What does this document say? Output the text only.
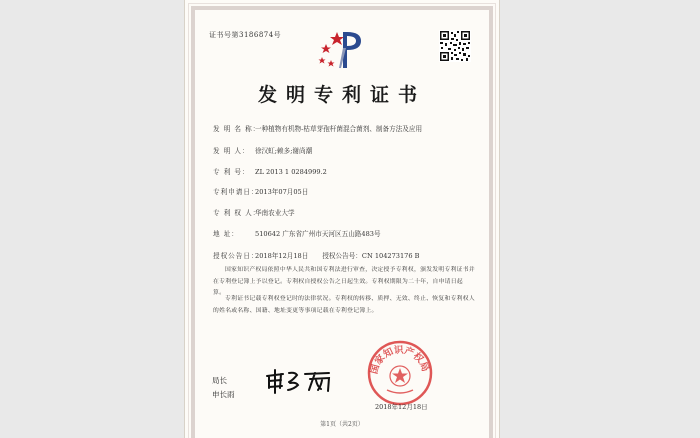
证书号第3186874号
发明专利证书
发 明 名 称：一种植物有机物-枯草芽孢杆菌混合菌剂、制备方法及应用
发 明 人： 徐汉虹;赖多;谢尚潮
专 利 号： ZL 2013 1 0284999.2
专利申请日：2013年07月05日
专 利 权 人：华南农业大学
地 址： 510642 广东省广州市天河区五山路483号
授权公告日：2018年12月18日 授权公告号：CN 104273176 B
国家知识产权局依照中华人民共和国专利法进行审查，决定授予专利权，颁发发明专利证书并在专利登记簿上予以登记。专利权自授权公告之日起生效。专利权期限为二十年，自申请日起算。
专利证书记载专利权登记时的法律状况。专利权的转移、质押、无效、终止、恢复和专利权人的姓名或名称、国籍、地址变更等事项记载在专利登记簿上。
局长
申长雨
国家知识产权局
2018年12月18日
第1页（共2页）
